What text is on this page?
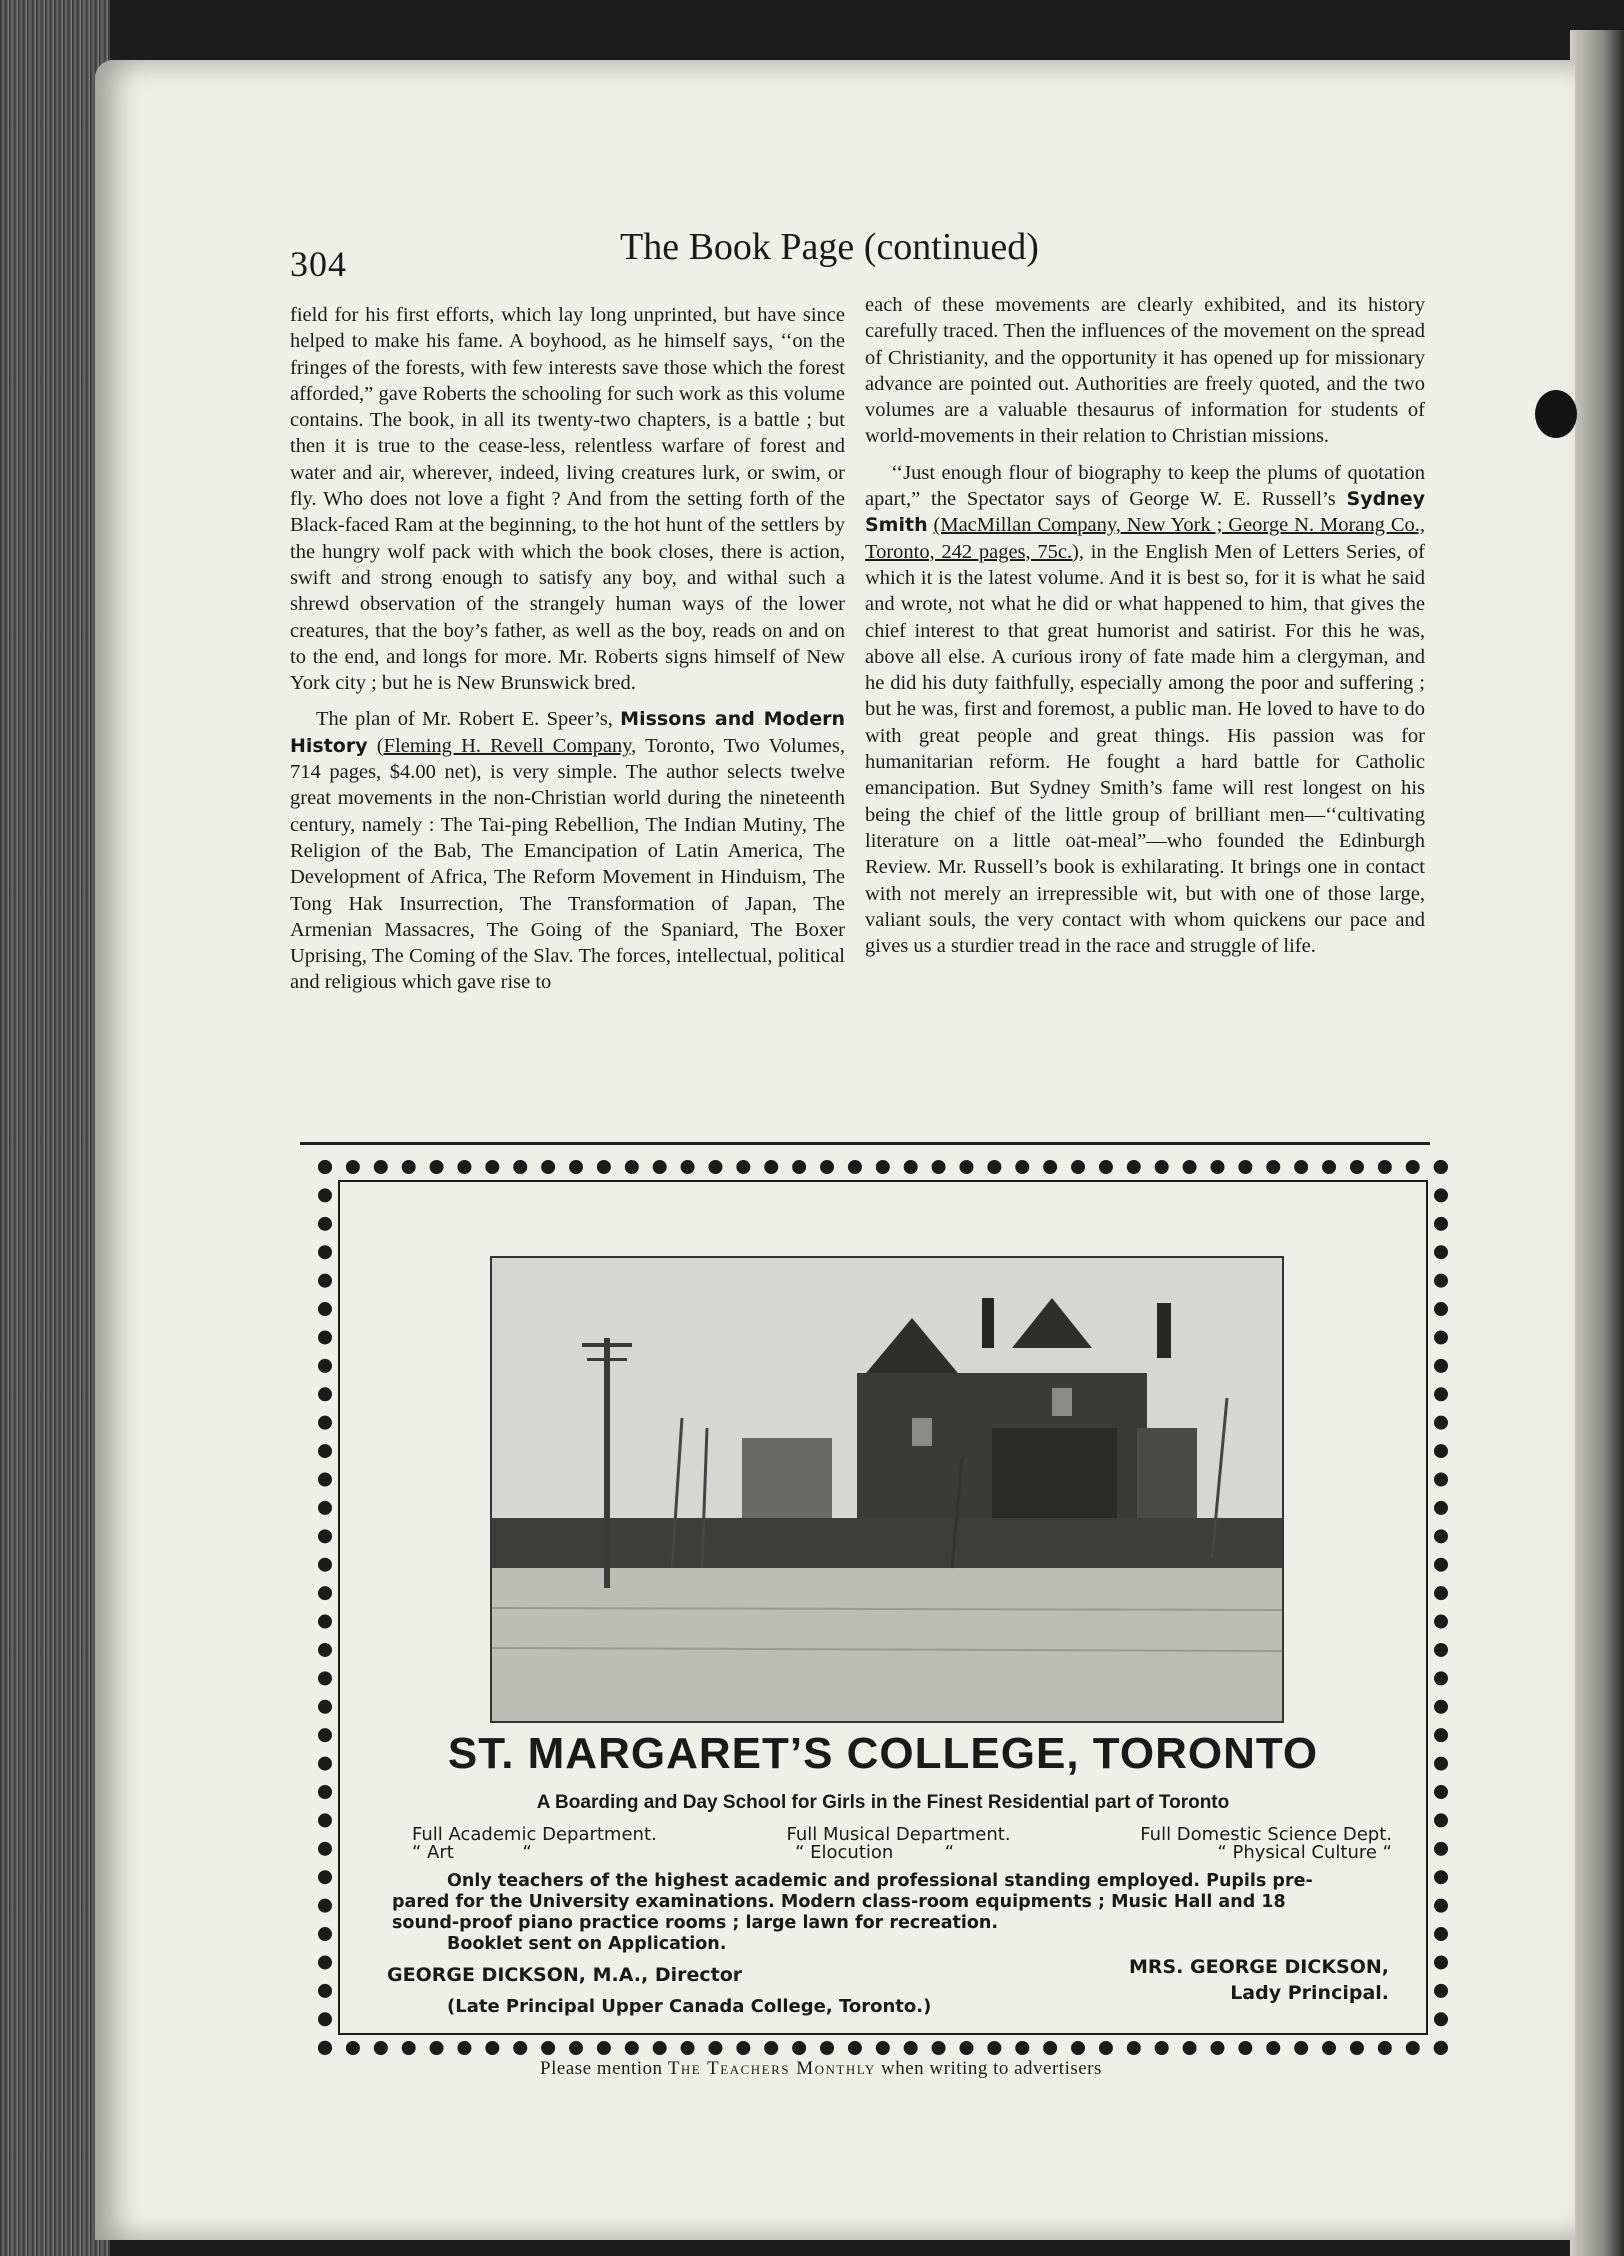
304	The Book Page (continued)

field for his first efforts, which lay long unprinted, but have since helped to make his fame. A boyhood, as he himself says, ‘‘on the fringes of the forests, with few interests save those which the forest afforded,” gave Roberts the schooling for such work as this volume contains. The book, in all its twenty-two chapters, is a battle ; but then it is true to the cease-less, relentless warfare of forest and water and air, wherever, indeed, living creatures lurk, or swim, or fly. Who does not love a fight ? And from the setting forth of the Black-faced Ram at the beginning, to the hot hunt of the settlers by the hungry wolf pack with which the book closes, there is action, swift and strong enough to satisfy any boy, and withal such a shrewd observation of the strangely human ways of the lower creatures, that the boy’s father, as well as the boy, reads on and on to the end, and longs for more. Mr. Roberts signs himself of New York city ; but he is New Brunswick bred.

The plan of Mr. Robert E. Speer’s, Missons and Modern History (Fleming H. Revell Company, Toronto, Two Volumes, 714 pages, $4.00 net), is very simple. The author selects twelve great movements in the non-Christian world during the nineteenth century, namely : The Tai-ping Rebellion, The Indian Mutiny, The Religion of the Bab, The Emancipation of Latin America, The Development of Africa, The Reform Movement in Hinduism, The Tong Hak Insurrection, The Transformation of Japan, The Armenian Massacres, The Going of the Spaniard, The Boxer Uprising, The Coming of the Slav. The forces, intellectual, political and religious which gave rise to

each of these movements are clearly exhibited, and its history carefully traced. Then the influences of the movement on the spread of Christianity, and the opportunity it has opened up for missionary advance are pointed out. Authorities are freely quoted, and the two volumes are a valuable thesaurus of information for students of world-movements in their relation to Christian missions.

‘‘Just enough flour of biography to keep the plums of quotation apart,” the Spectator says of George W. E. Russell’s Sydney Smith (MacMillan Company, New York ; George N. Morang Co., Toronto, 242 pages, 75c.), in the English Men of Letters Series, of which it is the latest volume. And it is best so, for it is what he said and wrote, not what he did or what happened to him, that gives the chief interest to that great humorist and satirist. For this he was, above all else. A curious irony of fate made him a clergyman, and he did his duty faithfully, especially among the poor and suffering ; but he was, first and foremost, a public man. He loved to have to do with great people and great things. His passion was for humanitarian reform. He fought a hard battle for Catholic emancipation. But Sydney Smith’s fame will rest longest on his being the chief of the little group of brilliant men—‘‘cultivating literature on a little oat-meal”—who founded the Edinburgh Review. Mr. Russell’s book is exhilarating. It brings one in contact with not merely an irrepressible wit, but with one of those large, valiant souls, the very contact with whom quickens our pace and gives us a sturdier tread in the race and struggle of life.

ST. MARGARET’S COLLEGE, TORONTO
A Boarding and Day School for Girls in the Finest Residential part of Toronto
Full Academic Department.	Full Musical Department.	Full Domestic Science Dept.
“ Art            “	“ Elocution         “	“ Physical Culture “
Only teachers of the highest academic and professional standing employed. Pupils pre-
pared for the University examinations. Modern class-room equipments ; Music Hall and 18
sound-proof piano practice rooms ; large lawn for recreation.
Booklet sent on Application.
GEORGE DICKSON, M.A., Director
(Late Principal Upper Canada College, Toronto.)
MRS. GEORGE DICKSON,
Lady Principal.
Please mention The Teachers Monthly when writing to advertisers
